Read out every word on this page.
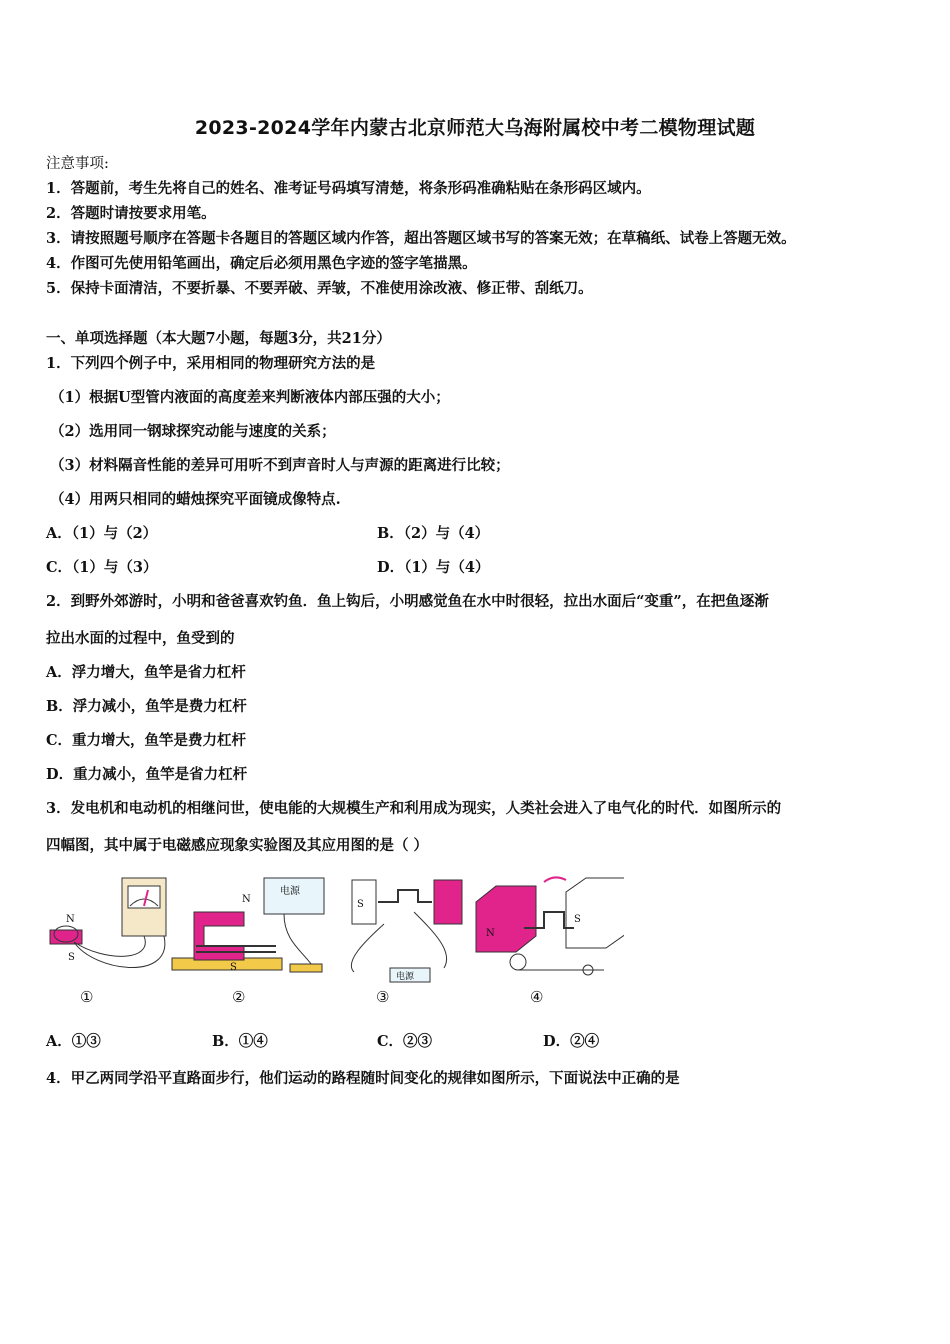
2023-2024学年内蒙古北京师范大乌海附属校中考二模物理试题
注意事项:
1．答题前，考生先将自己的姓名、准考证号码填写清楚，将条形码准确粘贴在条形码区域内。
2．答题时请按要求用笔。
3．请按照题号顺序在答题卡各题目的答题区域内作答，超出答题区域书写的答案无效；在草稿纸、试卷上答题无效。
4．作图可先使用铅笔画出，确定后必须用黑色字迹的签字笔描黑。
5．保持卡面清洁，不要折暴、不要弄破、弄皱，不准使用涂改液、修正带、刮纸刀。
一、单项选择题（本大题7小题，每题3分，共21分）
1．下列四个例子中，采用相同的物理研究方法的是
（1）根据U型管内液面的高度差来判断液体内部压强的大小；
（2）选用同一钢球探究动能与速度的关系；
（3）材料隔音性能的差异可用听不到声音时人与声源的距离进行比较；
（4）用两只相同的蜡烛探究平面镜成像特点.
A．（1）与（2）	B．（2）与（4）
C．（1）与（3）	D．（1）与（4）
2．到野外郊游时，小明和爸爸喜欢钓鱼．鱼上钩后，小明感觉鱼在水中时很轻，拉出水面后“变重”，在把鱼逐渐
拉出水面的过程中，鱼受到的
A．浮力增大，鱼竿是省力杠杆
B．浮力减小，鱼竿是费力杠杆
C．重力增大，鱼竿是费力杠杆
D．重力减小，鱼竿是省力杠杆
3．发电机和电动机的相继问世，使电能的大规模生产和利用成为现实，人类社会进入了电气化的时代．如图所示的
四幅图，其中属于电磁感应现象实验图及其应用图的是（ ）
N
S
电源
N
S
电源
S
N
S
①	②	③	④
A．①③	B．①④	C．②③	D．②④
4．甲乙两同学沿平直路面步行，他们运动的路程随时间变化的规律如图所示，下面说法中正确的是
